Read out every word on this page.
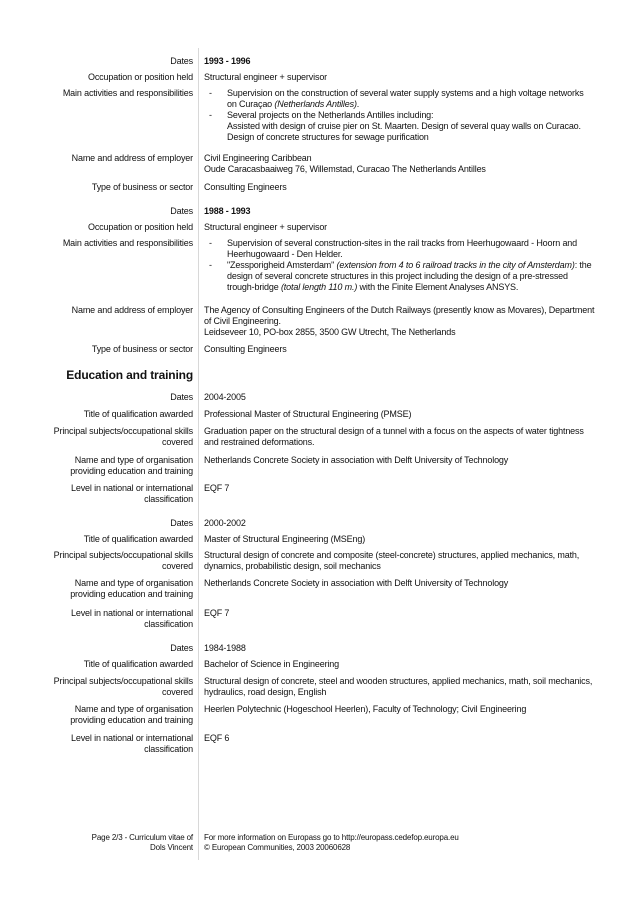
Dates 1993 - 1996
Occupation or position held Structural engineer + supervisor
Main activities and responsibilities - Supervision on the construction of several water supply systems and a high voltage networks
on Curaçao (Netherlands Antilles).
- Several projects on the Netherlands Antilles including:
Assisted with design of cruise pier on St. Maarten. Design of several quay walls on Curacao.
Design of concrete structures for sewage purification
Name and address of employer Civil Engineering Caribbean
Oude Caracasbaaiweg 76, Willemstad, Curacao The Netherlands Antilles
Type of business or sector Consulting Engineers
Dates 1988 - 1993
Occupation or position held Structural engineer + supervisor
Main activities and responsibilities - Supervision of several construction-sites in the rail tracks from Heerhugowaard - Hoorn and
Heerhugowaard - Den Helder.
- "Zessporigheid Amsterdam" (extension from 4 to 6 railroad tracks in the city of Amsterdam): the
design of several concrete structures in this project including the design of a pre-stressed
trough-bridge (total length 110 m.) with the Finite Element Analyses ANSYS.
Name and address of employer The Agency of Consulting Engineers of the Dutch Railways (presently know as Movares), Department
of Civil Engineering.
Leidseveer 10, PO-box 2855, 3500 GW Utrecht, The Netherlands
Type of business or sector Consulting Engineers
Education and training
Dates 2004-2005
Title of qualification awarded Professional Master of Structural Engineering (PMSE)
Principal subjects/occupational skills
covered
Graduation paper on the structural design of a tunnel with a focus on the aspects of water tightness
and restrained deformations.
Name and type of organisation
providing education and training
Netherlands Concrete Society in association with Delft University of Technology
Level in national or international
classification
EQF 7
Dates 2000-2002
Title of qualification awarded Master of Structural Engineering (MSEng)
Principal subjects/occupational skills
covered
Structural design of concrete and composite (steel-concrete) structures, applied mechanics, math,
dynamics, probabilistic design, soil mechanics
Name and type of organisation
providing education and training
Netherlands Concrete Society in association with Delft University of Technology
Level in national or international
classification
EQF 7
Dates 1984-1988
Title of qualification awarded Bachelor of Science in Engineering
Principal subjects/occupational skills
covered
Structural design of concrete, steel and wooden structures, applied mechanics, math, soil mechanics,
hydraulics, road design, English
Name and type of organisation
providing education and training
Heerlen Polytechnic (Hogeschool Heerlen), Faculty of Technology; Civil Engineering
Level in national or international
classification
EQF 6
Page 2/3 - Curriculum vitae of
Dols Vincent
For more information on Europass go to http://europass.cedefop.europa.eu
© European Communities, 2003 20060628
